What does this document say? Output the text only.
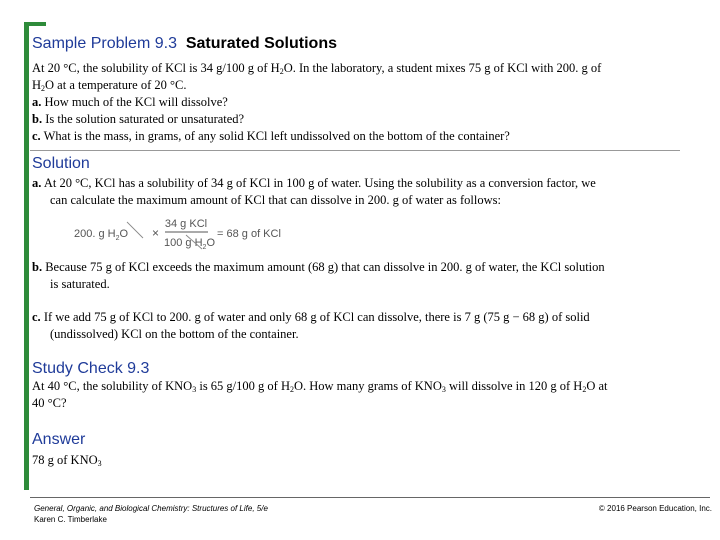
Sample Problem 9.3 Saturated Solutions
At 20 °C, the solubility of KCl is 34 g/100 g of $H_2O$. In the laboratory, a student mixes 75 g of KCl with 200. g of
$H_2O$ at a temperature of 20 °C.
a. How much of the KCl will dissolve?
b. Is the solution saturated or unsaturated?
c. What is the mass, in grams, of any solid KCl left undissolved on the bottom of the container?
Solution
a. At 20 °C, KCl has a solubility of 34 g of KCl in 100 g of water. Using the solubility as a conversion factor, we
can calculate the maximum amount of KCl that can dissolve in 200. g of water as follows:
200. g $H_2O$ ×
34 g KCl
100 g $H_2O$
= 68 g of KCl
b. Because 75 g of KCl exceeds the maximum amount (68 g) that can dissolve in 200. g of water, the KCl solution
is saturated.
c. If we add 75 g of KCl to 200. g of water and only 68 g of KCl can dissolve, there is 7 g (75 g − 68 g) of solid
(undissolved) KCl on the bottom of the container.
Study Check 9.3
At 40 °C, the solubility of $KNO_3$ is 65 g/100 g of $H_2O$. How many grams of $KNO_3$ will dissolve in 120 g of $H_2O$ at
40 °C?
Answer
78 g of $KNO_3$
General, Organic, and Biological Chemistry: Structures of Life, 5/e
Karen C. Timberlake
© 2016 Pearson Education, Inc.
